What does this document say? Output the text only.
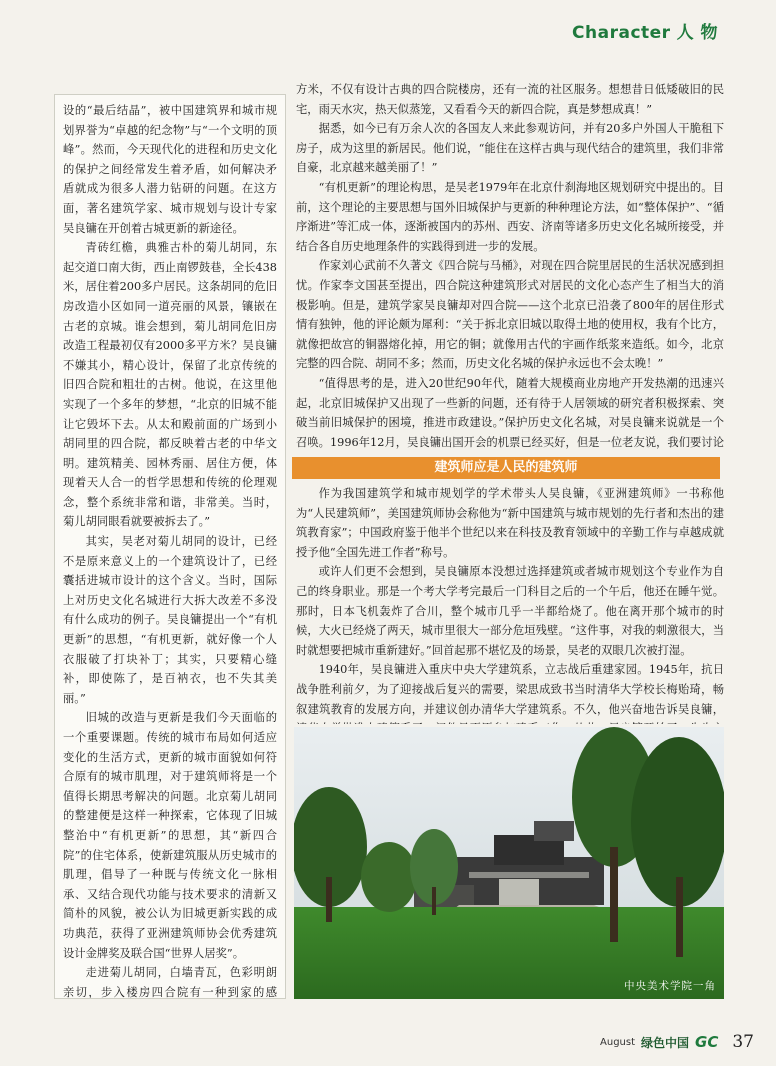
Character 人 物

设的“最后结晶”，被中国建筑界和城市规划界誉为“卓越的纪念物”与“一个文明的顶峰”。然而，今天现代化的进程和历史文化的保护之间经常发生着矛盾，如何解决矛盾就成为很多人潜力钻研的问题。在这方面，著名建筑学家、城市规划与设计专家吴良镛在开创着古城更新的新途径。

青砖红檐，典雅古朴的菊儿胡同，东起交道口南大街，西止南锣鼓巷，全长438米，居住着200多户居民。这条胡同的危旧房改造小区如同一道亮丽的风景，镶嵌在古老的京城。谁会想到，菊儿胡同危旧房改造工程最初仅有2000多平方米？吴良镛不嫌其小，精心设计，保留了北京传统的旧四合院和粗壮的古树。他说，在这里他实现了一个多年的梦想，“北京的旧城不能让它毁坏下去。从太和殿前面的广场到小胡同里的四合院，都反映着古老的中华文明。建筑精美、园林秀丽、居住方便，体现着天人合一的哲学思想和传统的伦理观念，整个系统非常和谐，非常美。当时，菊儿胡同眼看就要被拆去了。”

其实，吴老对菊儿胡同的设计，已经不是原来意义上的一个建筑设计了，已经囊括进城市设计的这个含义。当时，国际上对历史文化名城进行大拆大改差不多没有什么成功的例子。吴良镛提出一个“有机更新”的思想，“有机更新，就好像一个人衣服破了打块补丁；其实，只要精心缝补，即使陈了，是百衲衣，也不失其美丽。”

旧城的改造与更新是我们今天面临的一个重要课题。传统的城市布局如何适应变化的生活方式，更新的城市面貌如何符合原有的城市肌理，对于建筑师将是一个值得长期思考解决的问题。北京菊儿胡同的整建便是这样一种探索，它体现了旧城整治中“有机更新”的思想，其“新四合院”的住宅体系，使新建筑服从历史城市的肌理，倡导了一种既与传统文化一脉相承、又结合现代功能与技术要求的清新又简朴的风貌，被公认为旧城更新实践的成功典范，获得了亚洲建筑师协会优秀建筑设计金牌奖及联合国“世界人居奖”。

走进菊儿胡同，白墙青瓦，色彩明朗亲切，步入楼房四合院有一种到家的感

方米，不仅有设计古典的四合院楼房，还有一流的社区服务。想想昔日低矮破旧的民宅，雨天水灾，热天似蒸笼，又看看今天的新四合院，真是梦想成真！”

据悉，如今已有万余人次的各国友人来此参观访问，并有20多户外国人干脆租下房子，成为这里的新居民。他们说，“能住在这样古典与现代结合的建筑里，我们非常自豪，北京越来越美丽了！”

“有机更新”的理论构思，是吴老1979年在北京什刹海地区规划研究中提出的。目前，这个理论的主要思想与国外旧城保护与更新的种种理论方法，如“整体保护”、“循序渐进”等汇成一体，逐渐被国内的苏州、西安、济南等诸多历史文化名城所接受，并结合各自历史地理条件的实践得到进一步的发展。

作家刘心武前不久著文《四合院与马桶》，对现在四合院里居民的生活状况感到担忧。作家李文国甚至提出，四合院这种建筑形式对居民的文化心态产生了相当大的消极影响。但是，建筑学家吴良镛却对四合院——这个北京已沿袭了800年的居住形式情有独钟，他的评论颇为犀利：“关于拆北京旧城以取得土地的使用权，我有个比方，就像把故宫的铜器熔化掉，用它的铜；就像用古代的宇画作纸浆来造纸。如今，北京完整的四合院、胡同不多；然而，历史文化名城的保护永远也不会太晚！”

“值得思考的是，进入20世纪90年代，随着大规模商业房地产开发热潮的迅速兴起，北京旧城保护又出现了一些新的问题，还有待于人居领域的研究者积极探索、突破当前旧城保护的困境，推进市政建设。”保护历史文化名城，对吴良镛来说就是一个召唤。1996年12月，吴良镛出国开会的机票已经买好，但是一位老友说，我们要讨论

建筑师应是人民的建筑师

作为我国建筑学和城市规划学的学术带头人吴良镛，《亚洲建筑师》一书称他为“人民建筑师”，美国建筑师协会称他为“新中国建筑与城市规划的先行者和杰出的建筑教育家”；中国政府鉴于他半个世纪以来在科技及教育领域中的辛勤工作与卓越成就授予他“全国先进工作者”称号。

或许人们更不会想到，吴良镛原本没想过选择建筑或者城市规划这个专业作为自己的终身职业。那是一个考大学考完最后一门科目之后的一个午后，他还在睡午觉。那时，日本飞机轰炸了合川，整个城市几乎一半都给烧了。他在离开那个城市的时候，大火已经烧了两天，城市里很大一部分危垣残壁。“这件事，对我的刺激很大，当时就想要把城市重新建好。”回首起那不堪忆及的场景，吴老的双眼几次被打湿。

1940年，吴良镛进入重庆中央大学建筑系，立志战后重建家园。1945年，抗日战争胜利前夕，为了迎接战后复兴的需要，梁思成致书当时清华大学校长梅贻琦，畅叙建筑教育的发展方向，并建议创办清华大学建筑系。不久，他兴奋地告诉吴良镛，

中央美术学院一角
August 绿色中国 GC 37
